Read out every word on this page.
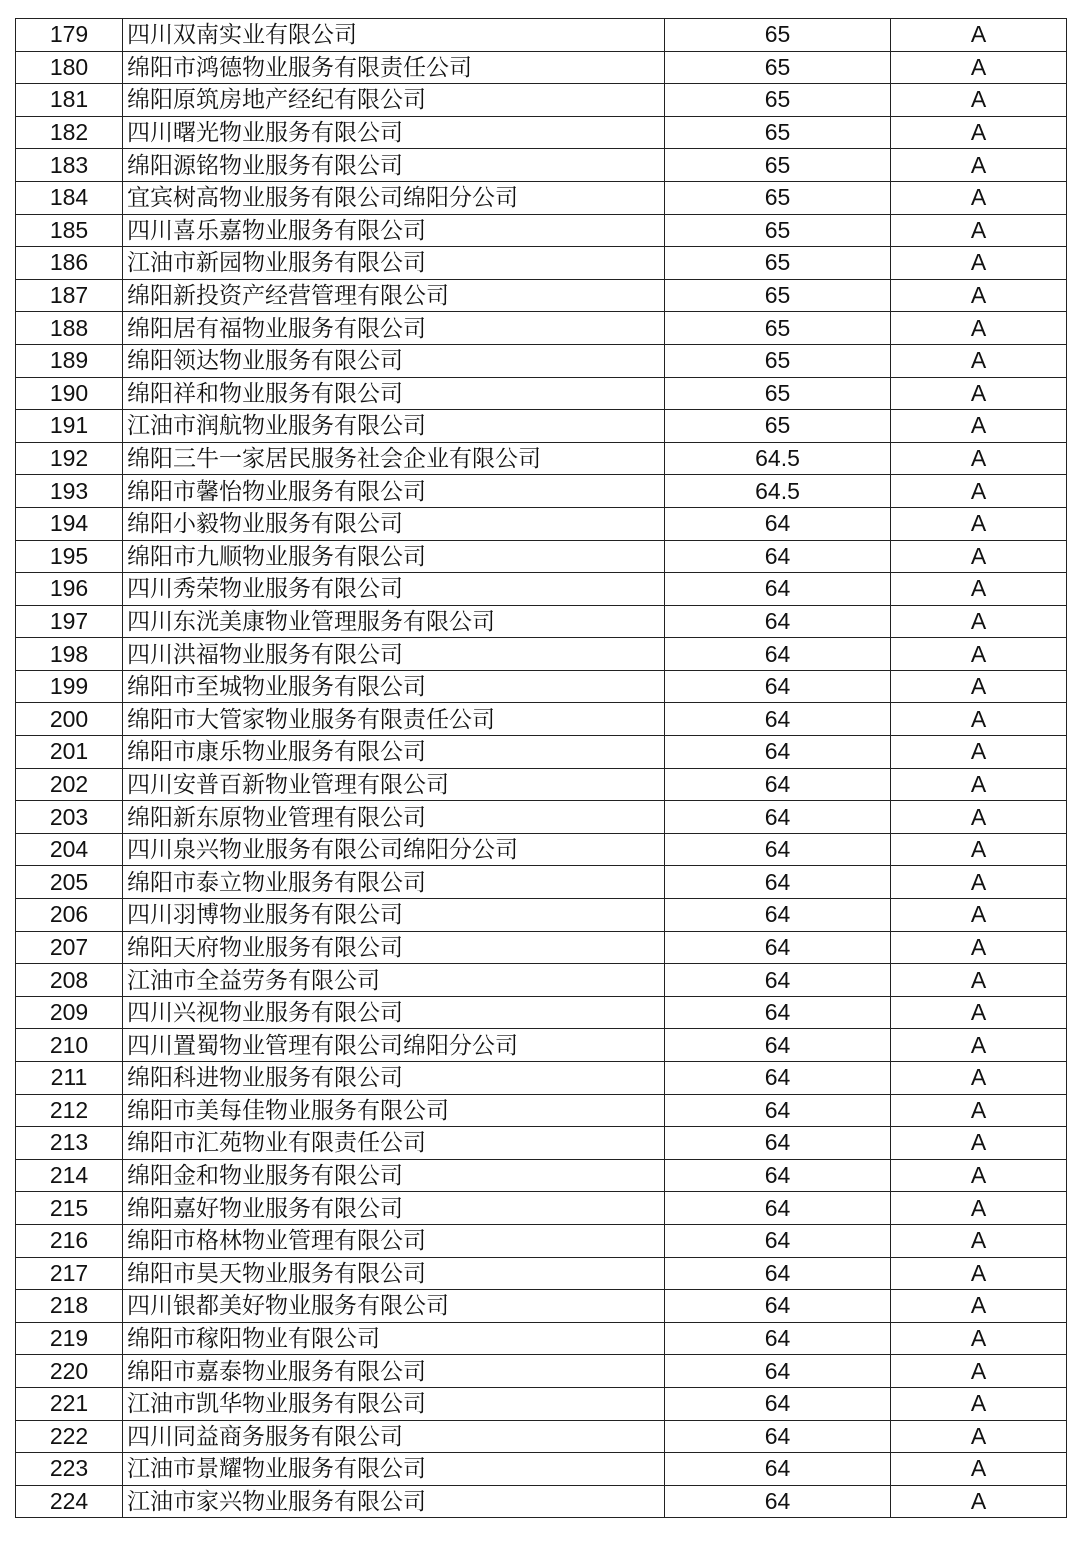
179	四川双南实业有限公司	65	A
180	绵阳市鸿德物业服务有限责任公司	65	A
181	绵阳原筑房地产经纪有限公司	65	A
182	四川曙光物业服务有限公司	65	A
183	绵阳源铭物业服务有限公司	65	A
184	宜宾树高物业服务有限公司绵阳分公司	65	A
185	四川喜乐嘉物业服务有限公司	65	A
186	江油市新园物业服务有限公司	65	A
187	绵阳新投资产经营管理有限公司	65	A
188	绵阳居有福物业服务有限公司	65	A
189	绵阳领达物业服务有限公司	65	A
190	绵阳祥和物业服务有限公司	65	A
191	江油市润航物业服务有限公司	65	A
192	绵阳三牛一家居民服务社会企业有限公司	64.5	A
193	绵阳市馨怡物业服务有限公司	64.5	A
194	绵阳小毅物业服务有限公司	64	A
195	绵阳市九顺物业服务有限公司	64	A
196	四川秀荣物业服务有限公司	64	A
197	四川东洸美康物业管理服务有限公司	64	A
198	四川洪福物业服务有限公司	64	A
199	绵阳市至城物业服务有限公司	64	A
200	绵阳市大管家物业服务有限责任公司	64	A
201	绵阳市康乐物业服务有限公司	64	A
202	四川安普百新物业管理有限公司	64	A
203	绵阳新东原物业管理有限公司	64	A
204	四川泉兴物业服务有限公司绵阳分公司	64	A
205	绵阳市泰立物业服务有限公司	64	A
206	四川羽博物业服务有限公司	64	A
207	绵阳天府物业服务有限公司	64	A
208	江油市全益劳务有限公司	64	A
209	四川兴视物业服务有限公司	64	A
210	四川置蜀物业管理有限公司绵阳分公司	64	A
211	绵阳科进物业服务有限公司	64	A
212	绵阳市美每佳物业服务有限公司	64	A
213	绵阳市汇苑物业有限责任公司	64	A
214	绵阳金和物业服务有限公司	64	A
215	绵阳嘉好物业服务有限公司	64	A
216	绵阳市格林物业管理有限公司	64	A
217	绵阳市昊天物业服务有限公司	64	A
218	四川银都美好物业服务有限公司	64	A
219	绵阳市稼阳物业有限公司	64	A
220	绵阳市嘉泰物业服务有限公司	64	A
221	江油市凯华物业服务有限公司	64	A
222	四川同益商务服务有限公司	64	A
223	江油市景耀物业服务有限公司	64	A
224	江油市家兴物业服务有限公司	64	A
